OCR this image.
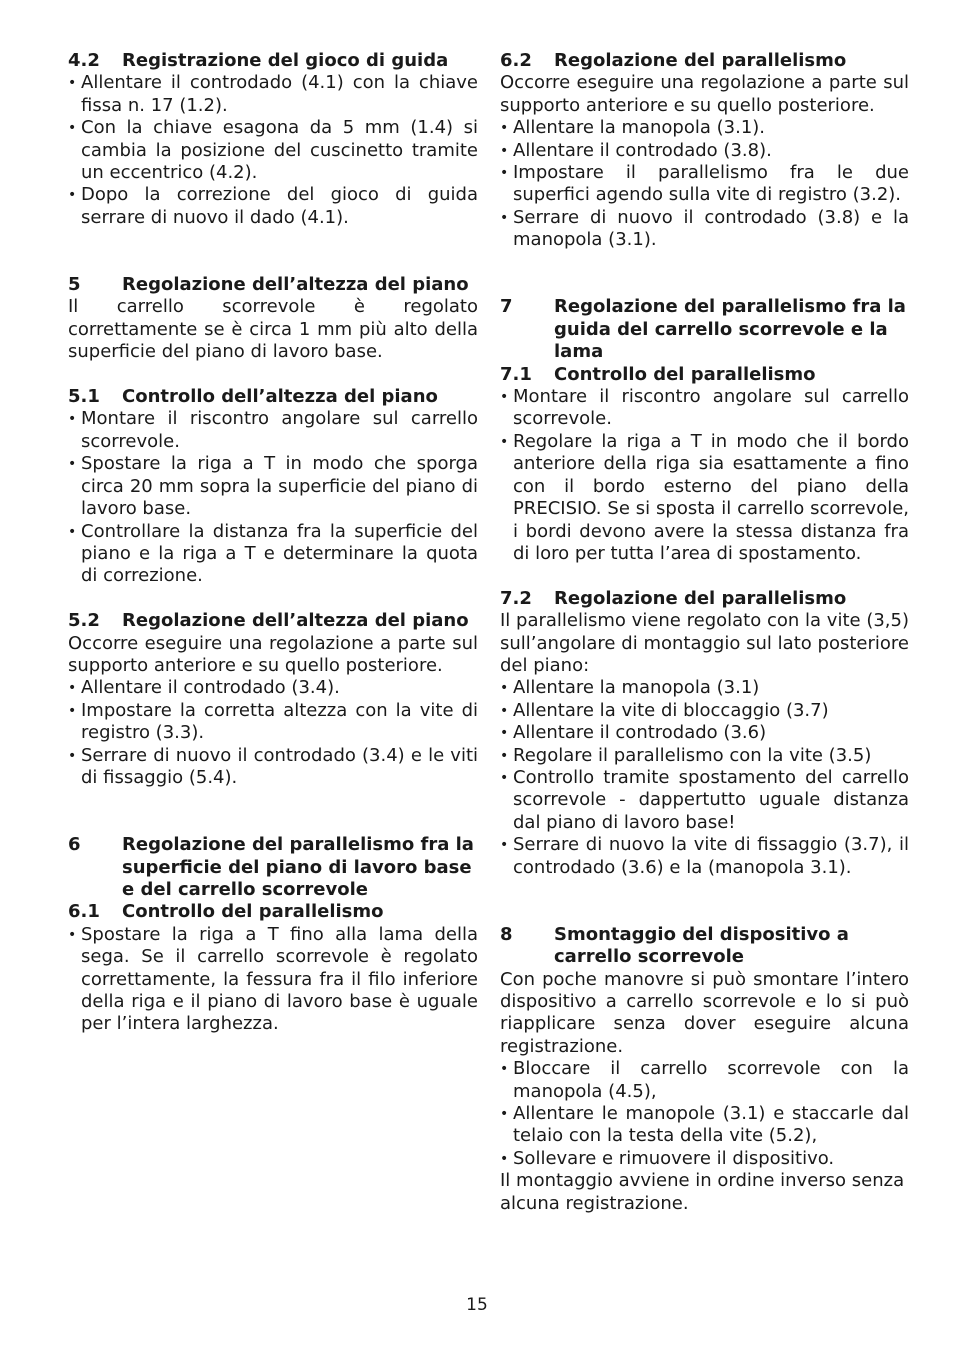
4.2	Registrazione del gioco di guida
• Allentare il controdado (4.1) con la chiave fissa n. 17 (1.2).
• Con la chiave esagona da 5 mm (1.4) si cambia la posizione del cuscinetto tramite un eccentrico (4.2).
• Dopo la correzione del gioco di guida serrare di nuovo il dado (4.1).
5	Regolazione dell’altezza del piano

Il carrello scorrevole è regolato correttamente se è circa 1 mm più alto della superficie del piano di lavoro base.

5.1	Controllo dell’altezza del piano
• Montare il riscontro angolare sul carrello scorrevole.
• Spostare la riga a T in modo che sporga circa 20 mm sopra la superficie del piano di lavoro base.
• Controllare la distanza fra la superficie del piano e la riga a T e determinare la quota di correzione.
5.2	Regolazione dell’altezza del piano

Occorre eseguire una regolazione a parte sul supporto anteriore e su quello posteriore.

• Allentare il controdado (3.4).
• Impostare la corretta altezza con la vite di registro (3.3).
• Serrare di nuovo il controdado (3.4) e le viti di fissaggio (5.4).
6	Regolazione del parallelismo fra la superficie del piano di lavoro base e del carrello scorrevole
6.1	Controllo del parallelismo
• Spostare la riga a T fino alla lama della sega. Se il carrello scorrevole è regolato correttamente, la fessura fra il filo inferiore della riga e il piano di lavoro base è uguale per l’intera larghezza.
6.2	Regolazione del parallelismo

Occorre eseguire una regolazione a parte sul supporto anteriore e su quello posteriore.

• Allentare la manopola (3.1).
• Allentare il controdado (3.8).
• Impostare il parallelismo fra le due superfici agendo sulla vite di registro (3.2).
• Serrare di nuovo il controdado (3.8) e la manopola (3.1).
7	Regolazione del parallelismo fra la guida del carrello scorrevole e la lama
7.1	Controllo del parallelismo
• Montare il riscontro angolare sul carrello scorrevole.
• Regolare la riga a T in modo che il bordo anteriore della riga sia esattamente a fino con il bordo esterno del piano della PRECISIO. Se si sposta il carrello scorrevole, i bordi devono avere la stessa distanza fra di loro per tutta l’area di spostamento.
7.2	Regolazione del parallelismo

Il parallelismo viene regolato con la vite (3,5) sull’angolare di montaggio sul lato posteriore del piano:

• Allentare la manopola (3.1)
• Allentare la vite di bloccaggio (3.7)
• Allentare il controdado (3.6)
• Regolare il parallelismo con la vite (3.5)
• Controllo tramite spostamento del carrello scorrevole - dappertutto uguale distanza dal piano di lavoro base!
• Serrare di nuovo la vite di fissaggio (3.7), il controdado (3.6) e la (manopola 3.1).
8	Smontaggio del dispositivo a carrello scorrevole

Con poche manovre si può smontare l’intero dispositivo a carrello scorrevole e lo si può riapplicare senza dover eseguire alcuna registrazione.

• Bloccare il carrello scorrevole con la manopola (4.5),
• Allentare le manopole (3.1) e staccarle dal telaio con la testa della vite (5.2),
• Sollevare e rimuovere il dispositivo.

Il montaggio avviene in ordine inverso senza alcuna registrazione.

15
